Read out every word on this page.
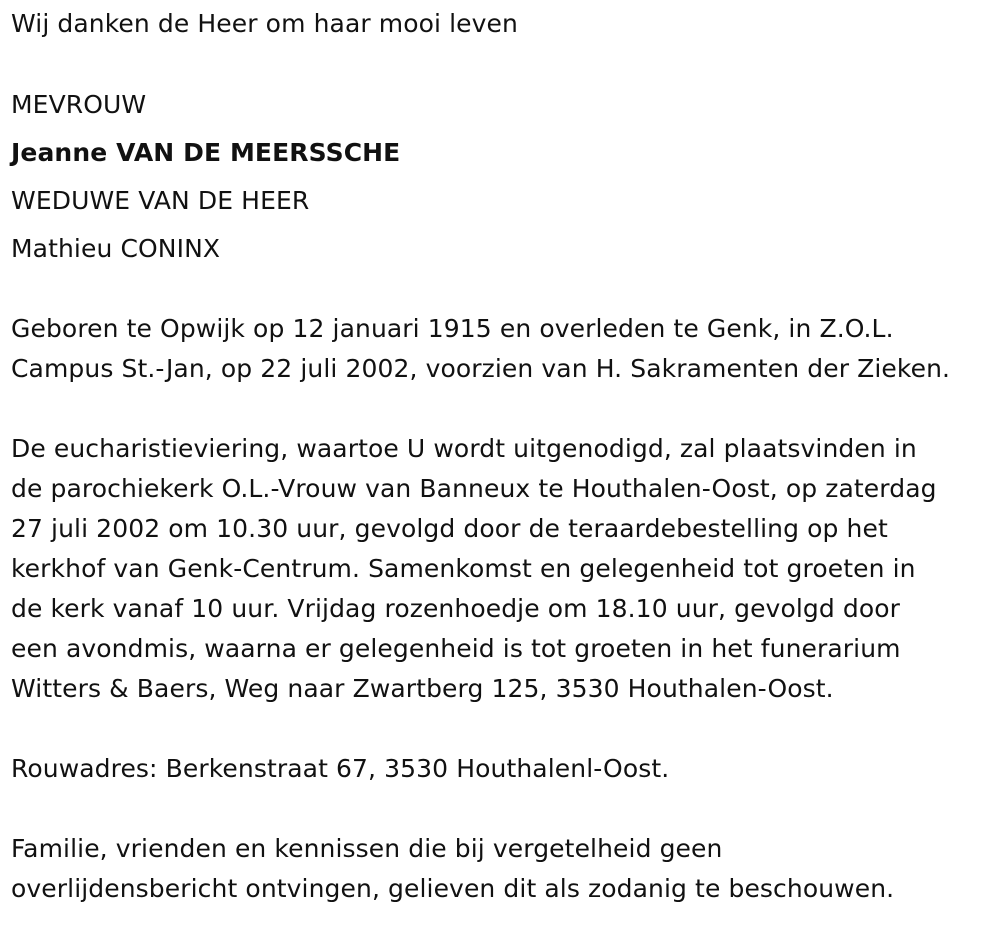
Wij danken de Heer om haar mooi leven
MEVROUW
Jeanne VAN DE MEERSSCHE
WEDUWE VAN DE HEER
Mathieu CONINX
Geboren te Opwijk op 12 januari 1915 en overleden te Genk, in Z.O.L.
Campus St.-Jan, op 22 juli 2002, voorzien van H. Sakramenten der Zieken.
De eucharistieviering, waartoe U wordt uitgenodigd, zal plaatsvinden in
de parochiekerk O.L.-Vrouw van Banneux te Houthalen-Oost, op zaterdag
27 juli 2002 om 10.30 uur, gevolgd door de teraardebestelling op het
kerkhof van Genk-Centrum. Samenkomst en gelegenheid tot groeten in
de kerk vanaf 10 uur. Vrijdag rozenhoedje om 18.10 uur, gevolgd door
een avondmis, waarna er gelegenheid is tot groeten in het funerarium
Witters & Baers, Weg naar Zwartberg 125, 3530 Houthalen-Oost.
Rouwadres: Berkenstraat 67, 3530 Houthalenl-Oost.
Familie, vrienden en kennissen die bij vergetelheid geen
overlijdensbericht ontvingen, gelieven dit als zodanig te beschouwen.
